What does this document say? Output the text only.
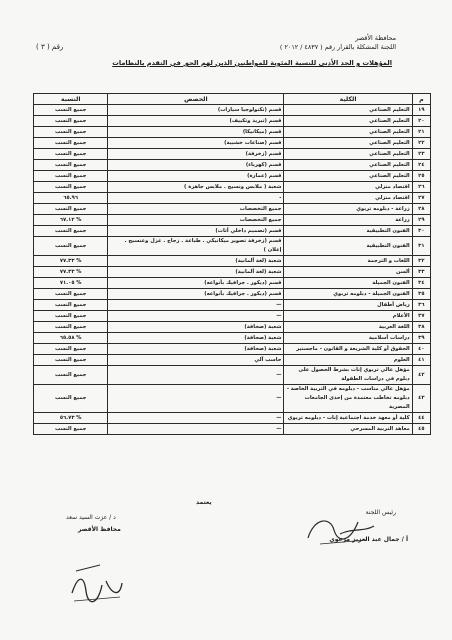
محافظة الأقصر
اللجنة المشكلة بالقرار رقم ( ٤٨٣٧ / ٢٠١٢ )
رقم ( ٣ )
المؤهلات و الحد الأدنى للنسبة المئوية للمواطنين الذين لهم الحق في التقدم بالنظامات
م	الكلية	الحصص	النسبة
١٩	التعليم الصناعي	قسم (تكنولوجيا سيارات)	جميع النسب
٢٠	التعليم الصناعي	قسم (تبريد وتكييف)	جميع النسب
٢١	التعليم الصناعي	قسم (ميكانيكا)	جميع النسب
٢٢	التعليم الصناعي	قسم (صناعات خشبية)	جميع النسب
٢٣	التعليم الصناعي	قسم (زخرفة)	جميع النسب
٢٤	التعليم الصناعي	قسم (كهرباء)	جميع النسب
٢٥	التعليم الصناعي	قسم (عمارة)	جميع النسب
٢٦	اقتصاد منزلي	شعبة ( ملابس ونسيج . ملابس جاهزة )	جميع النسب
٢٧	اقتصاد منزلي	-	٦٥.٩٦
٢٨	زراعة - دبلومه تربوي	جميع التخصصات	جميع النسب
٢٩	زراعة	جميع التخصصات	% ٦٧.١٢
٣٠	الفنون التطبيقية	قسم (تصميم داخلي أثاث)	جميع النسب
٣١	الفنون التطبيقية	قسم (زخرفة تصوير ميكانيكي . طباعة . زجاج . غزل وعنسيج . إعلان )	جميع النسب
٣٢	اللغات و الترجمة	شعبة (لغة ألمانية)	% ٧٧.٣٣
٣٣	ألسن	شعبة (لغة ألمانية)	% ٧٧.٣٣
٣٤	الفنون الجميلة	قسم (ديكور . جرافيك بأنواعه)	% ٧١.٠٥
٣٥	الفنون الجميلة - دبلومه تربوي	قسم (ديكور . جرافيك بأنواعه)	جميع النسب
٣٦	رياض أطفال	—	جميع النسب
٣٧	الأعلام	—	جميع النسب
٣٨	اللغة العربية	شعبة (صحافة)	جميع النسب
٣٩	دراسات أسلامية	شعبة (صحافة)	% ٦٥.٥٨
٤٠	الحقوق أو كلية الشريعة و القانون - ماجستير	شعبة (صحافة)	جميع النسب
٤١	العلوم	حاسب آلي	جميع النسب
٤٢	مؤهل عالي تربوي إناث بشرط الحصول على دبلوم في دراسات الطفولة	—	جميع النسب
٤٣	مؤهل عالي مناسب - دبلومه في التربية الخاصة - دبلومه تخاطب معتمدة من إحدى الجامعات المصرية	—	جميع النسب
٤٤	كلية أو معهد خدمة اجتماعية إناث - دبلومه تربوي	—	% ٥٦.٧٣
٤٥	معاهد التربية المسرحي	—	جميع النسب
يعتمد
رئيس اللجنة
أ / جمال عبد العزيز مرعوي
د / عزت السيد سعد
محافظ الأقصر
